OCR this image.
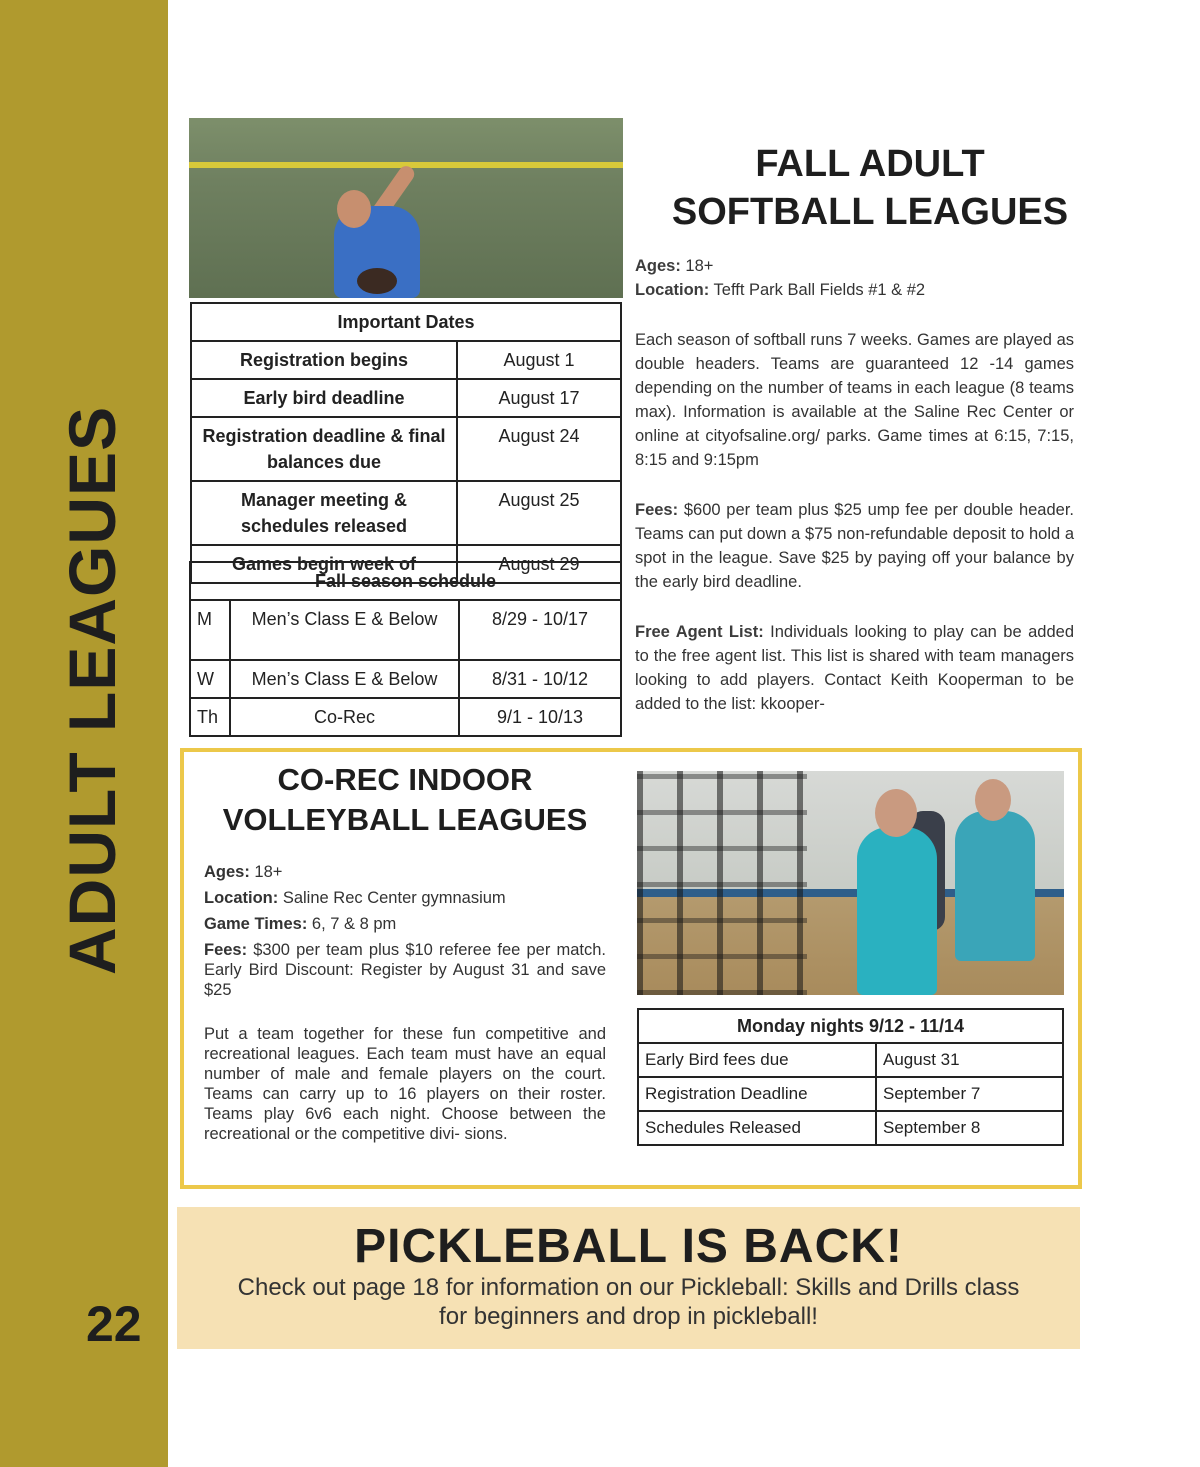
ADULT LEAGUES
22
FALL ADULT
SOFTBALL LEAGUES
Ages: 18+
Location: Tefft Park Ball Fields #1 & #2

Each season of softball runs 7 weeks. Games are played as double headers. Teams are guaranteed 12 -14 games depending on the number of teams in each league (8 teams max). Information is available at the Saline Rec Center or online at cityofsaline.org/ parks. Game times at 6:15, 7:15, 8:15 and 9:15pm

Fees: $600 per team plus $25 ump fee per double header. Teams can put down a $75 non-refundable deposit to hold a spot in the league. Save $25 by paying off your balance by the early bird deadline.

Free Agent List: Individuals looking to play can be added to the free agent list. This list is shared with team managers looking to add players. Contact Keith Kooperman to be added to the list: kkooper-

Important Dates	
Registration begins	August 1
Early bird deadline	August 17
Registration deadline & final balances due	August 24
Manager meeting & schedules released	August 25
Games begin week of	August 29
Fall season schedule		
M	Men’s Class E & Below	8/29 - 10/17
W	Men’s Class E & Below	8/31 - 10/12
Th	Co-Rec	9/1 - 10/13
CO-REC INDOOR
VOLLEYBALL LEAGUES
Ages: 18+
Location: Saline Rec Center gymnasium
Game Times: 6, 7 & 8 pm

Fees: $300 per team plus $10 referee fee per match. Early Bird Discount: Register by August 31 and save $25

Put a team together for these fun competitive and recreational leagues. Each team must have an equal number of male and female players on the court. Teams can carry up to 16 players on their roster. Teams play 6v6 each night. Choose between the recreational or the competitive divi- sions.

Monday nights 9/12 - 11/14	
Early Bird fees due	August 31
Registration Deadline	September 7
Schedules Released	September 8
PICKLEBALL IS BACK!
Check out page 18 for information on our Pickleball: Skills and Drills class
for beginners and drop in pickleball!
